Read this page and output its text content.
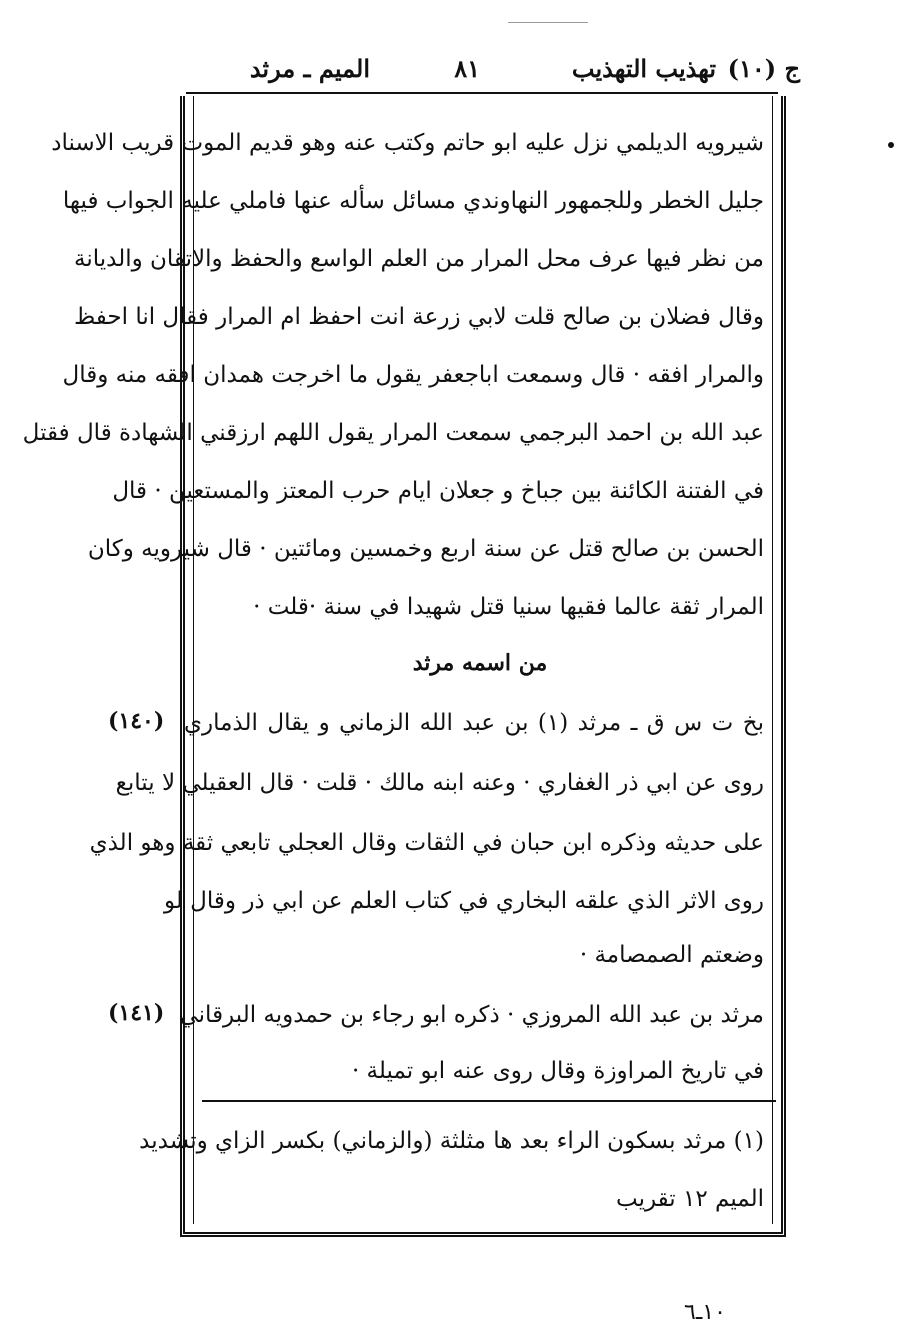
ج (١٠)
تهذيب التهذيب
٨١
الميم ـ مرثد
شيرويه الديلمي نزل عليه ابو حاتم وكتب عنه وهو قديم الموت قريب الاسناد
جليل الخطر وللجمهور النهاوندي مسائل سأله عنها فاملي عليه الجواب فيها
من نظر فيها عرف محل المرار من العلم الواسع والحفظ والاتقان والديانة
وقال فضلان بن صالح قلت لابي زرعة انت احفظ ام المرار فقال انا احفظ
والمرار افقه · قال وسمعت اباجعفر يقول ما اخرجت همدان افقه منه وقال
عبد الله بن احمد البرجمي سمعت المرار يقول اللهم ارزقني الشهادة قال فقتل
في الفتنة الكائنة بين جباخ و جعلان ايام حرب المعتز والمستعين · قال
الحسن بن صالح قتل عن سنة اربع وخمسين ومائتين · قال شيرويه وكان
المرار ثقة عالما فقيها سنيا قتل شهيدا في سنة ·قلت ·
من اسمه مرثد
(١٤٠) بخ ت س ق ـ مرثد (١) بن عبد الله الزماني و يقال الذماري
روى عن ابي ذر الغفاري · وعنه ابنه مالك · قلت · قال العقيلي لا يتابع
على حديثه وذكره ابن حبان في الثقات وقال العجلي تابعي ثقة وهو الذي
روى الاثر الذي علقه البخاري في كتاب العلم عن ابي ذر وقال لو
وضعتم الصمصامة ·
(١٤١) مرثد بن عبد الله المروزي · ذكره ابو رجاء بن حمدويه البرقاني
في تاريخ المراوزة وقال روى عنه ابو تميلة ·
(١) مرثد بسكون الراء بعد ها مثلثة (والزماني) بكسر الزاي وتشديد
الميم ١٢ تقريب
١٠ـ٦
